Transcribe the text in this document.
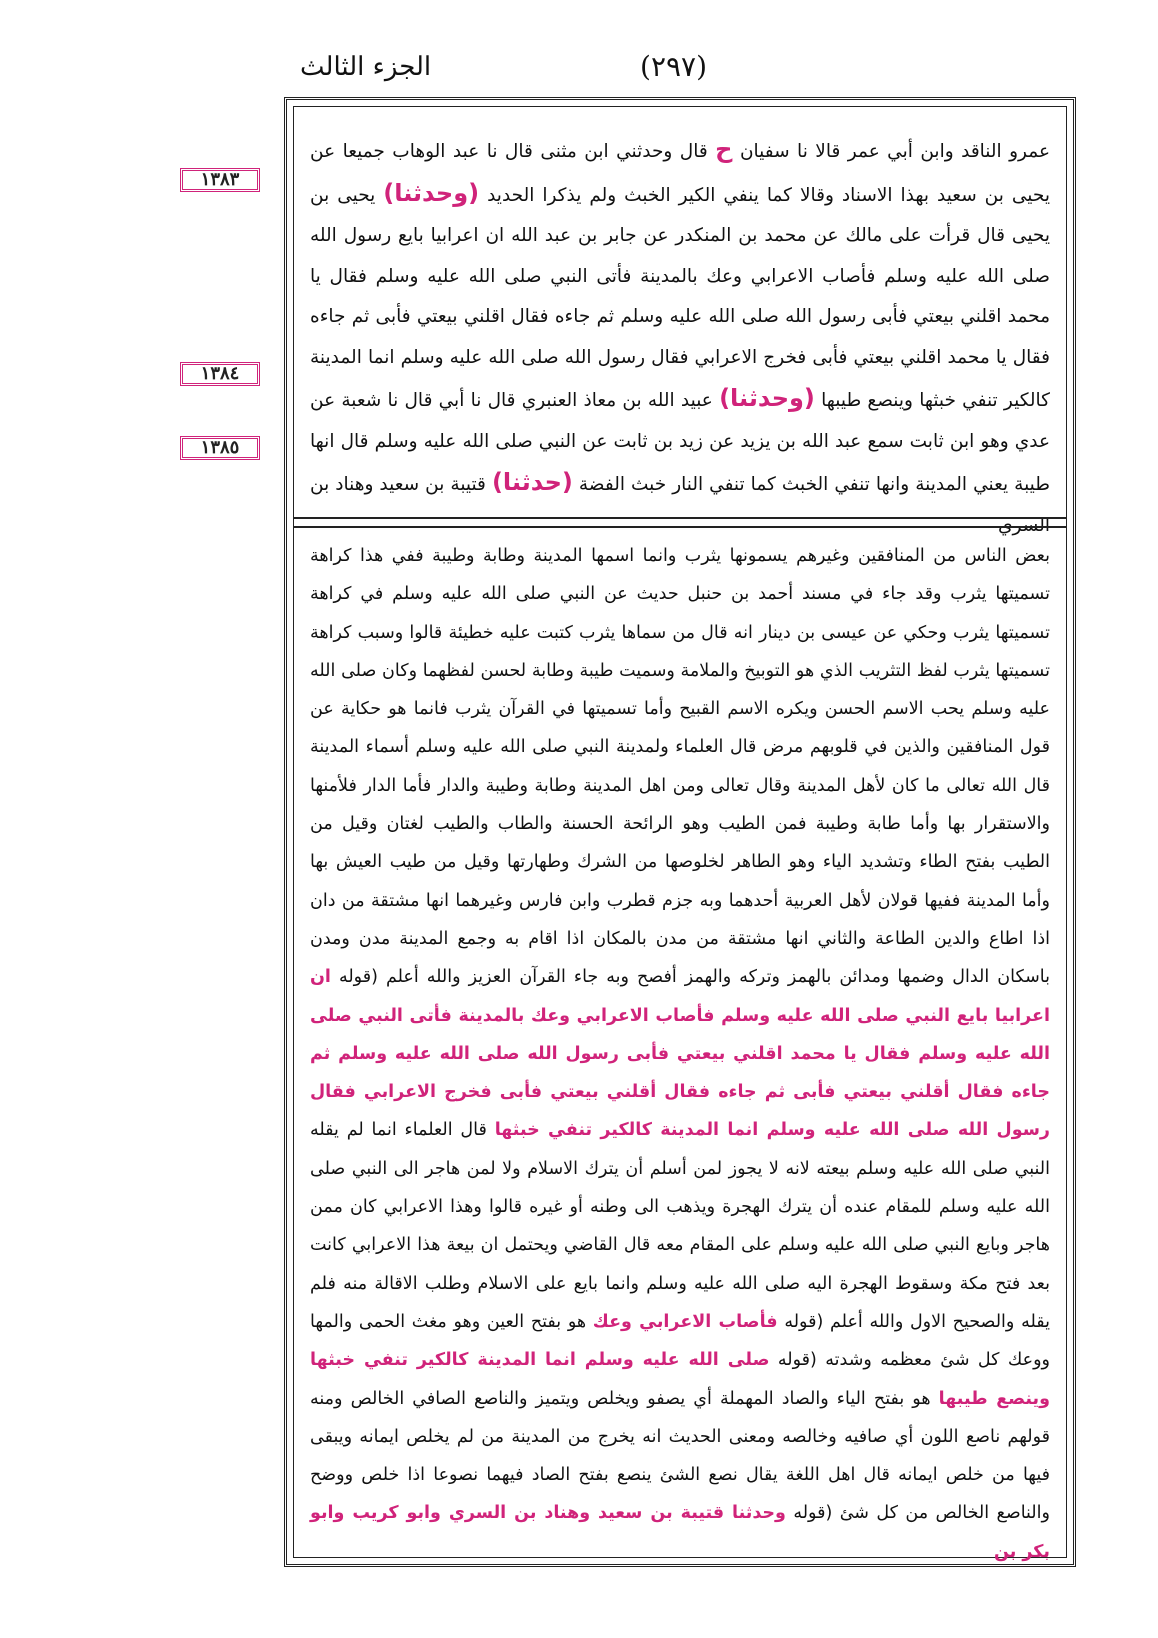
الجزء الثالث	(٢٩٧)
١٣٨٣
١٣٨٤
١٣٨٥

عمرو الناقد وابن أبي عمر قالا نا سفيان ح قال وحدثني ابن مثنى قال نا عبد الوهاب جميعا عن يحيى بن سعيد بهذا الاسناد وقالا كما ينفي الكير الخبث ولم يذكرا الحديد (وحدثنا) يحيى بن يحيى قال قرأت على مالك عن محمد بن المنكدر عن جابر بن عبد الله ان اعرابيا بايع رسول الله صلى الله عليه وسلم فأصاب الاعرابي وعك بالمدينة فأتى النبي صلى الله عليه وسلم فقال يا محمد اقلني بيعتي فأبى رسول الله صلى الله عليه وسلم ثم جاءه فقال اقلني بيعتي فأبى ثم جاءه فقال يا محمد اقلني بيعتي فأبى فخرج الاعرابي فقال رسول الله صلى الله عليه وسلم انما المدينة كالكير تنفي خبثها وينصع طيبها (وحدثنا) عبيد الله بن معاذ العنبري قال نا أبي قال نا شعبة عن عدي وهو ابن ثابت سمع عبد الله بن يزيد عن زيد بن ثابت عن النبي صلى الله عليه وسلم قال انها طيبة يعني المدينة وانها تنفي الخبث كما تنفي النار خبث الفضة (حدثنا) قتيبة بن سعيد وهناد بن السري

بعض الناس من المنافقين وغيرهم يسمونها يثرب وانما اسمها المدينة وطابة وطيبة ففي هذا كراهة تسميتها يثرب وقد جاء في مسند أحمد بن حنبل حديث عن النبي صلى الله عليه وسلم في كراهة تسميتها يثرب وحكي عن عيسى بن دينار انه قال من سماها يثرب كتبت عليه خطيئة قالوا وسبب كراهة تسميتها يثرب لفظ التثريب الذي هو التوبيخ والملامة وسميت طيبة وطابة لحسن لفظهما وكان صلى الله عليه وسلم يحب الاسم الحسن ويكره الاسم القبيح وأما تسميتها في القرآن يثرب فانما هو حكاية عن قول المنافقين والذين في قلوبهم مرض قال العلماء ولمدينة النبي صلى الله عليه وسلم أسماء المدينة قال الله تعالى ما كان لأهل المدينة وقال تعالى ومن اهل المدينة وطابة وطيبة والدار فأما الدار فلأمنها والاستقرار بها وأما طابة وطيبة فمن الطيب وهو الرائحة الحسنة والطاب والطيب لغتان وقيل من الطيب بفتح الطاء وتشديد الياء وهو الطاهر لخلوصها من الشرك وطهارتها وقيل من طيب العيش بها وأما المدينة ففيها قولان لأهل العربية أحدهما وبه جزم قطرب وابن فارس وغيرهما انها مشتقة من دان اذا اطاع والدين الطاعة والثاني انها مشتقة من مدن بالمكان اذا اقام به وجمع المدينة مدن ومدن باسكان الدال وضمها ومدائن بالهمز وتركه والهمز أفصح وبه جاء القرآن العزيز والله أعلم (قوله ان اعرابيا بايع النبي صلى الله عليه وسلم فأصاب الاعرابي وعك بالمدينة فأتى النبي صلى الله عليه وسلم فقال يا محمد اقلني بيعتي فأبى رسول الله صلى الله عليه وسلم ثم جاءه فقال أقلني بيعتي فأبى ثم جاءه فقال أقلني بيعتي فأبى فخرج الاعرابي فقال رسول الله صلى الله عليه وسلم انما المدينة كالكير تنفي خبثها قال العلماء انما لم يقله النبي صلى الله عليه وسلم بيعته لانه لا يجوز لمن أسلم أن يترك الاسلام ولا لمن هاجر الى النبي صلى الله عليه وسلم للمقام عنده أن يترك الهجرة ويذهب الى وطنه أو غيره قالوا وهذا الاعرابي كان ممن هاجر وبايع النبي صلى الله عليه وسلم على المقام معه قال القاضي ويحتمل ان بيعة هذا الاعرابي كانت بعد فتح مكة وسقوط الهجرة اليه صلى الله عليه وسلم وانما بايع على الاسلام وطلب الاقالة منه فلم يقله والصحيح الاول والله أعلم (قوله فأصاب الاعرابي وعك هو بفتح العين وهو مغث الحمى والمها ووعك كل شئ معظمه وشدته (قوله صلى الله عليه وسلم انما المدينة كالكير تنفي خبثها وينصع طيبها هو بفتح الياء والصاد المهملة أي يصفو ويخلص ويتميز والناصع الصافي الخالص ومنه قولهم ناصع اللون أي صافيه وخالصه ومعنى الحديث انه يخرج من المدينة من لم يخلص ايمانه ويبقى فيها من خلص ايمانه قال اهل اللغة يقال نصع الشئ ينصع بفتح الصاد فيهما نصوعا اذا خلص ووضح والناصع الخالص من كل شئ (قوله وحدثنا قتيبة بن سعيد وهناد بن السري وابو كريب وابو بكر بن
